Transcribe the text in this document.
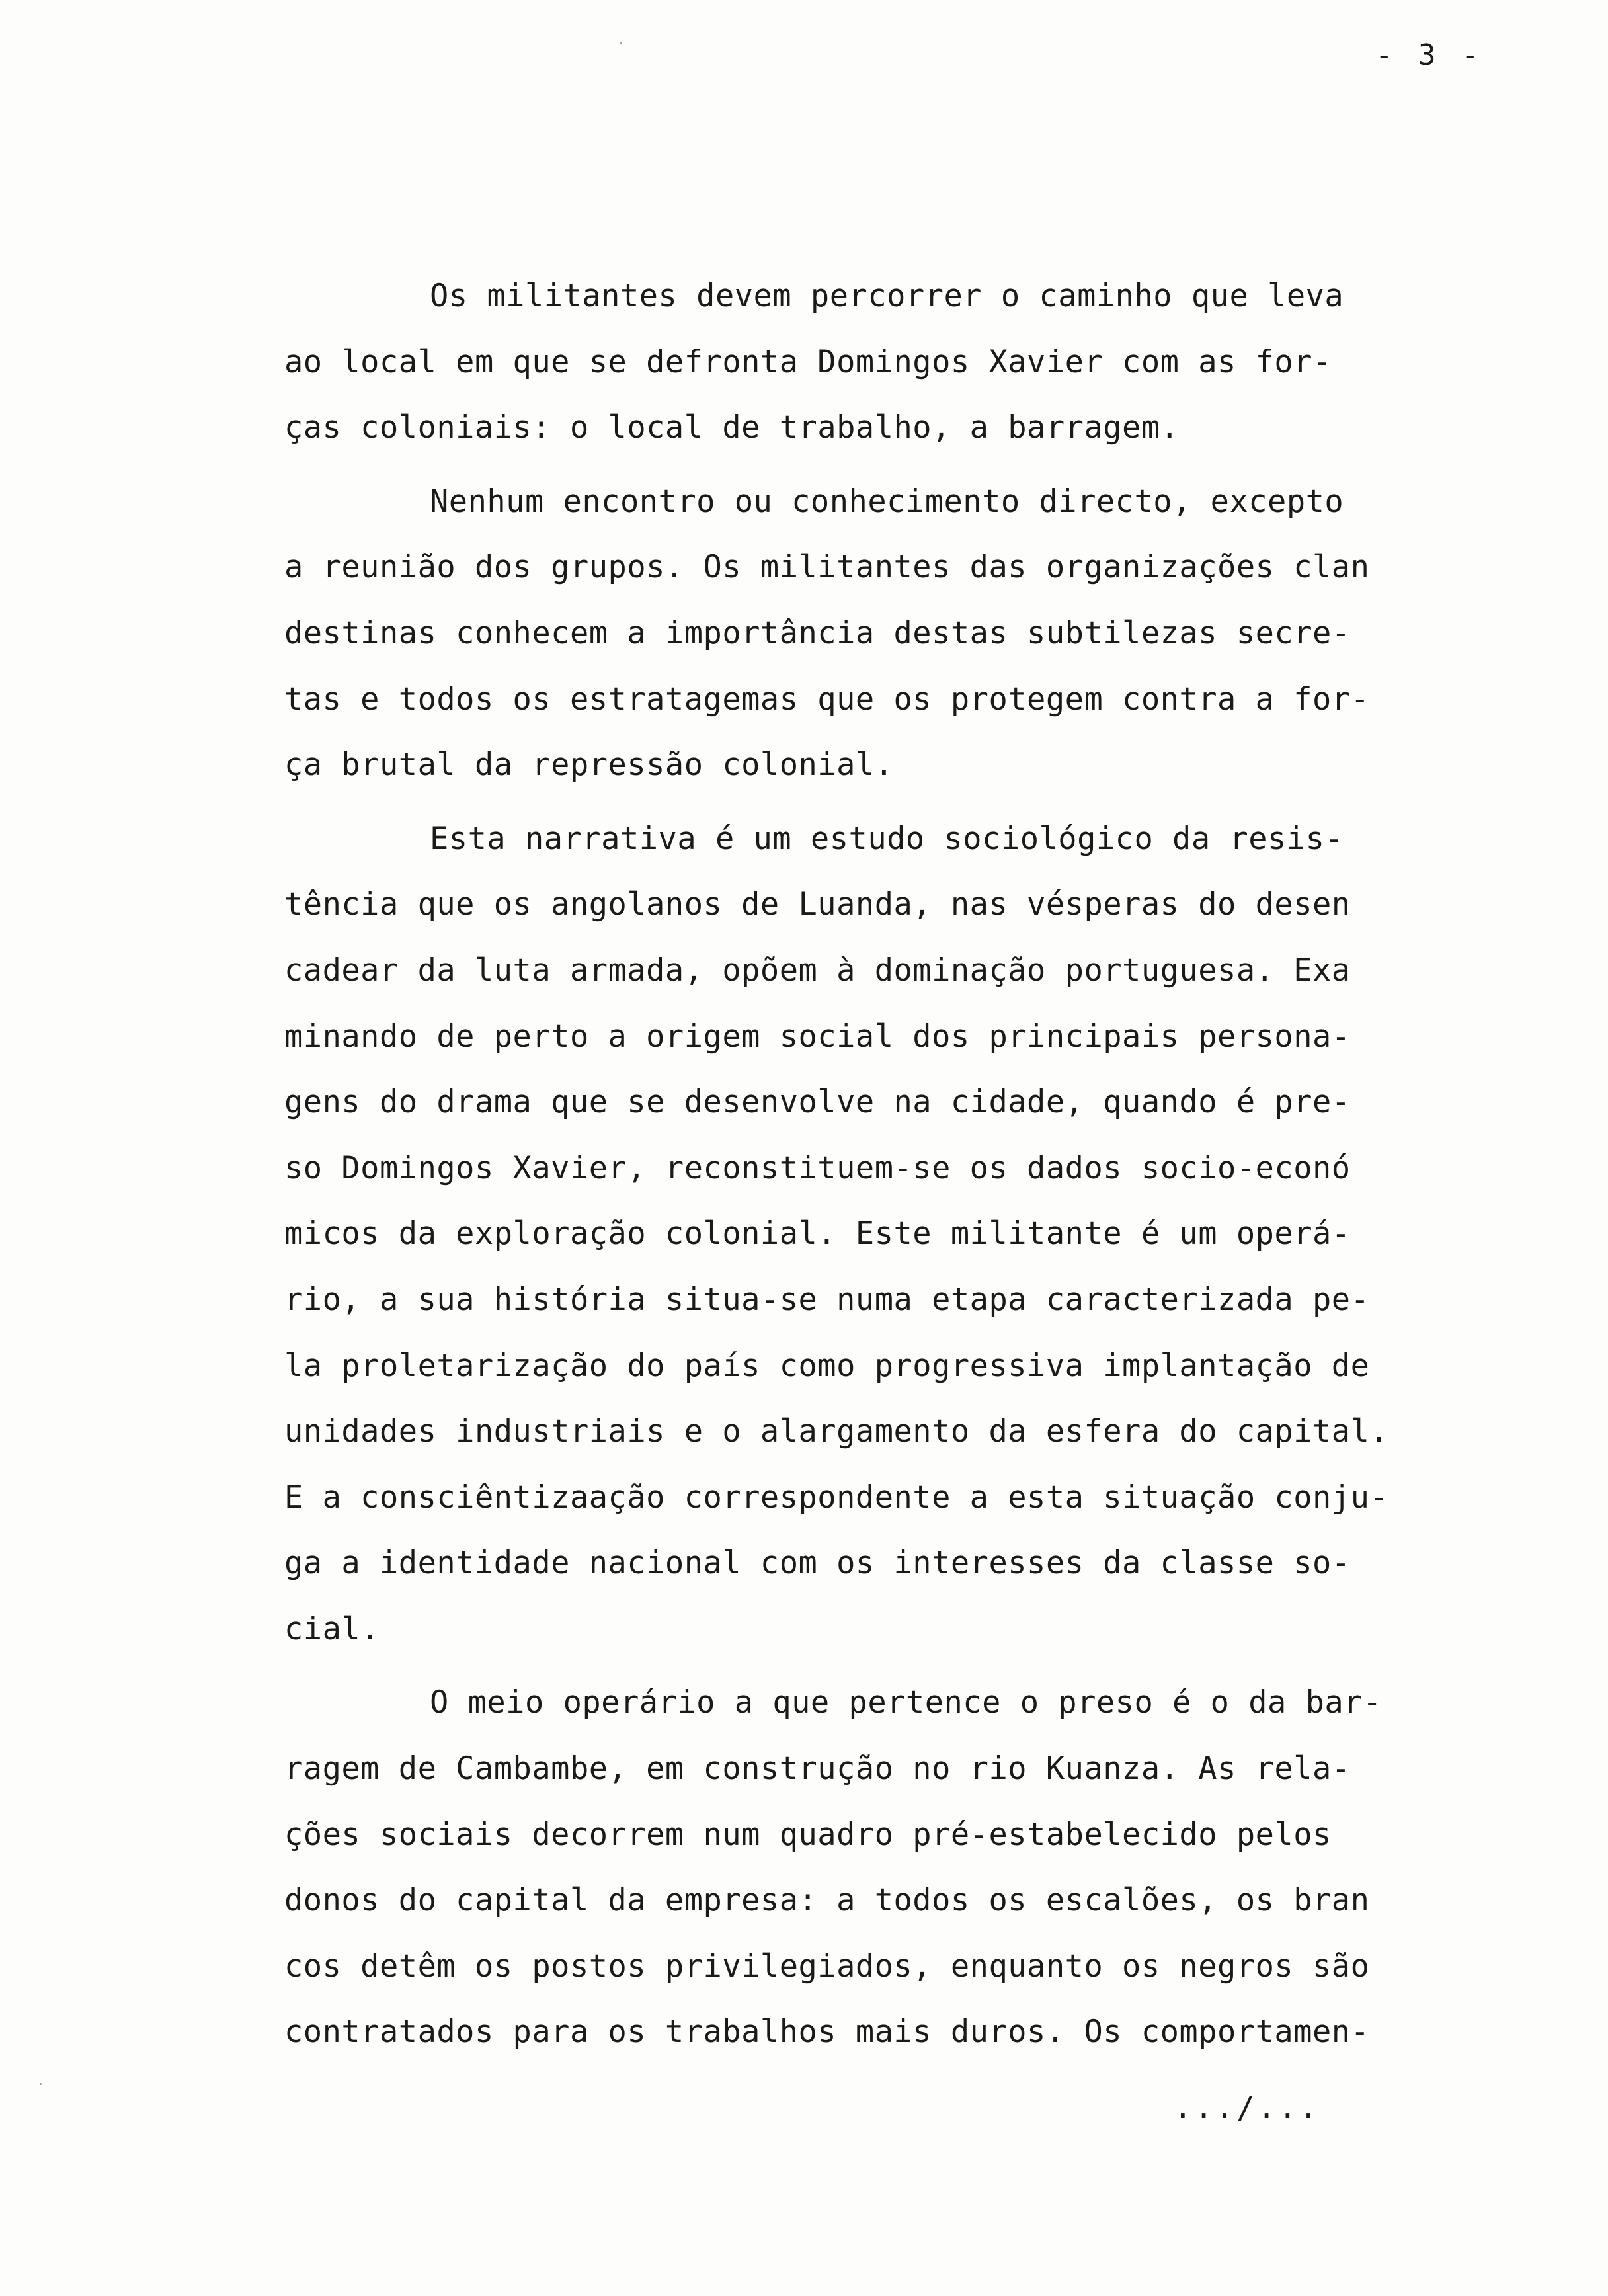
- 3 -
Os militantes devem percorrer o caminho que leva
ao local em que se defronta Domingos Xavier com as for-
ças coloniais: o local de trabalho, a barragem.
Nenhum encontro ou conhecimento directo, excepto
a reunião dos grupos. Os militantes das organizações clan
destinas conhecem a importância destas subtilezas secre-
tas e todos os estratagemas que os protegem contra a for-
ça brutal da repressão colonial.
Esta narrativa é um estudo sociológico da resis-
tência que os angolanos de Luanda, nas vésperas do desen
cadear da luta armada, opõem à dominação portuguesa. Exa
minando de perto a origem social dos principais persona-
gens do drama que se desenvolve na cidade, quando é pre-
so Domingos Xavier, reconstituem-se os dados socio-econó
micos da exploração colonial. Este militante é um operá-
rio, a sua história situa-se numa etapa caracterizada pe-
la proletarização do país como progressiva implantação de
unidades industriais e o alargamento da esfera do capital.
E a consciêntizaação correspondente a esta situação conju-
ga a identidade nacional com os interesses da classe so-
cial.
O meio operário a que pertence o preso é o da bar-
ragem de Cambambe, em construção no rio Kuanza. As rela-
ções sociais decorrem num quadro pré-estabelecido pelos
donos do capital da empresa: a todos os escalões, os bran
cos detêm os postos privilegiados, enquanto os negros são
contratados para os trabalhos mais duros. Os comportamen-
.../...
